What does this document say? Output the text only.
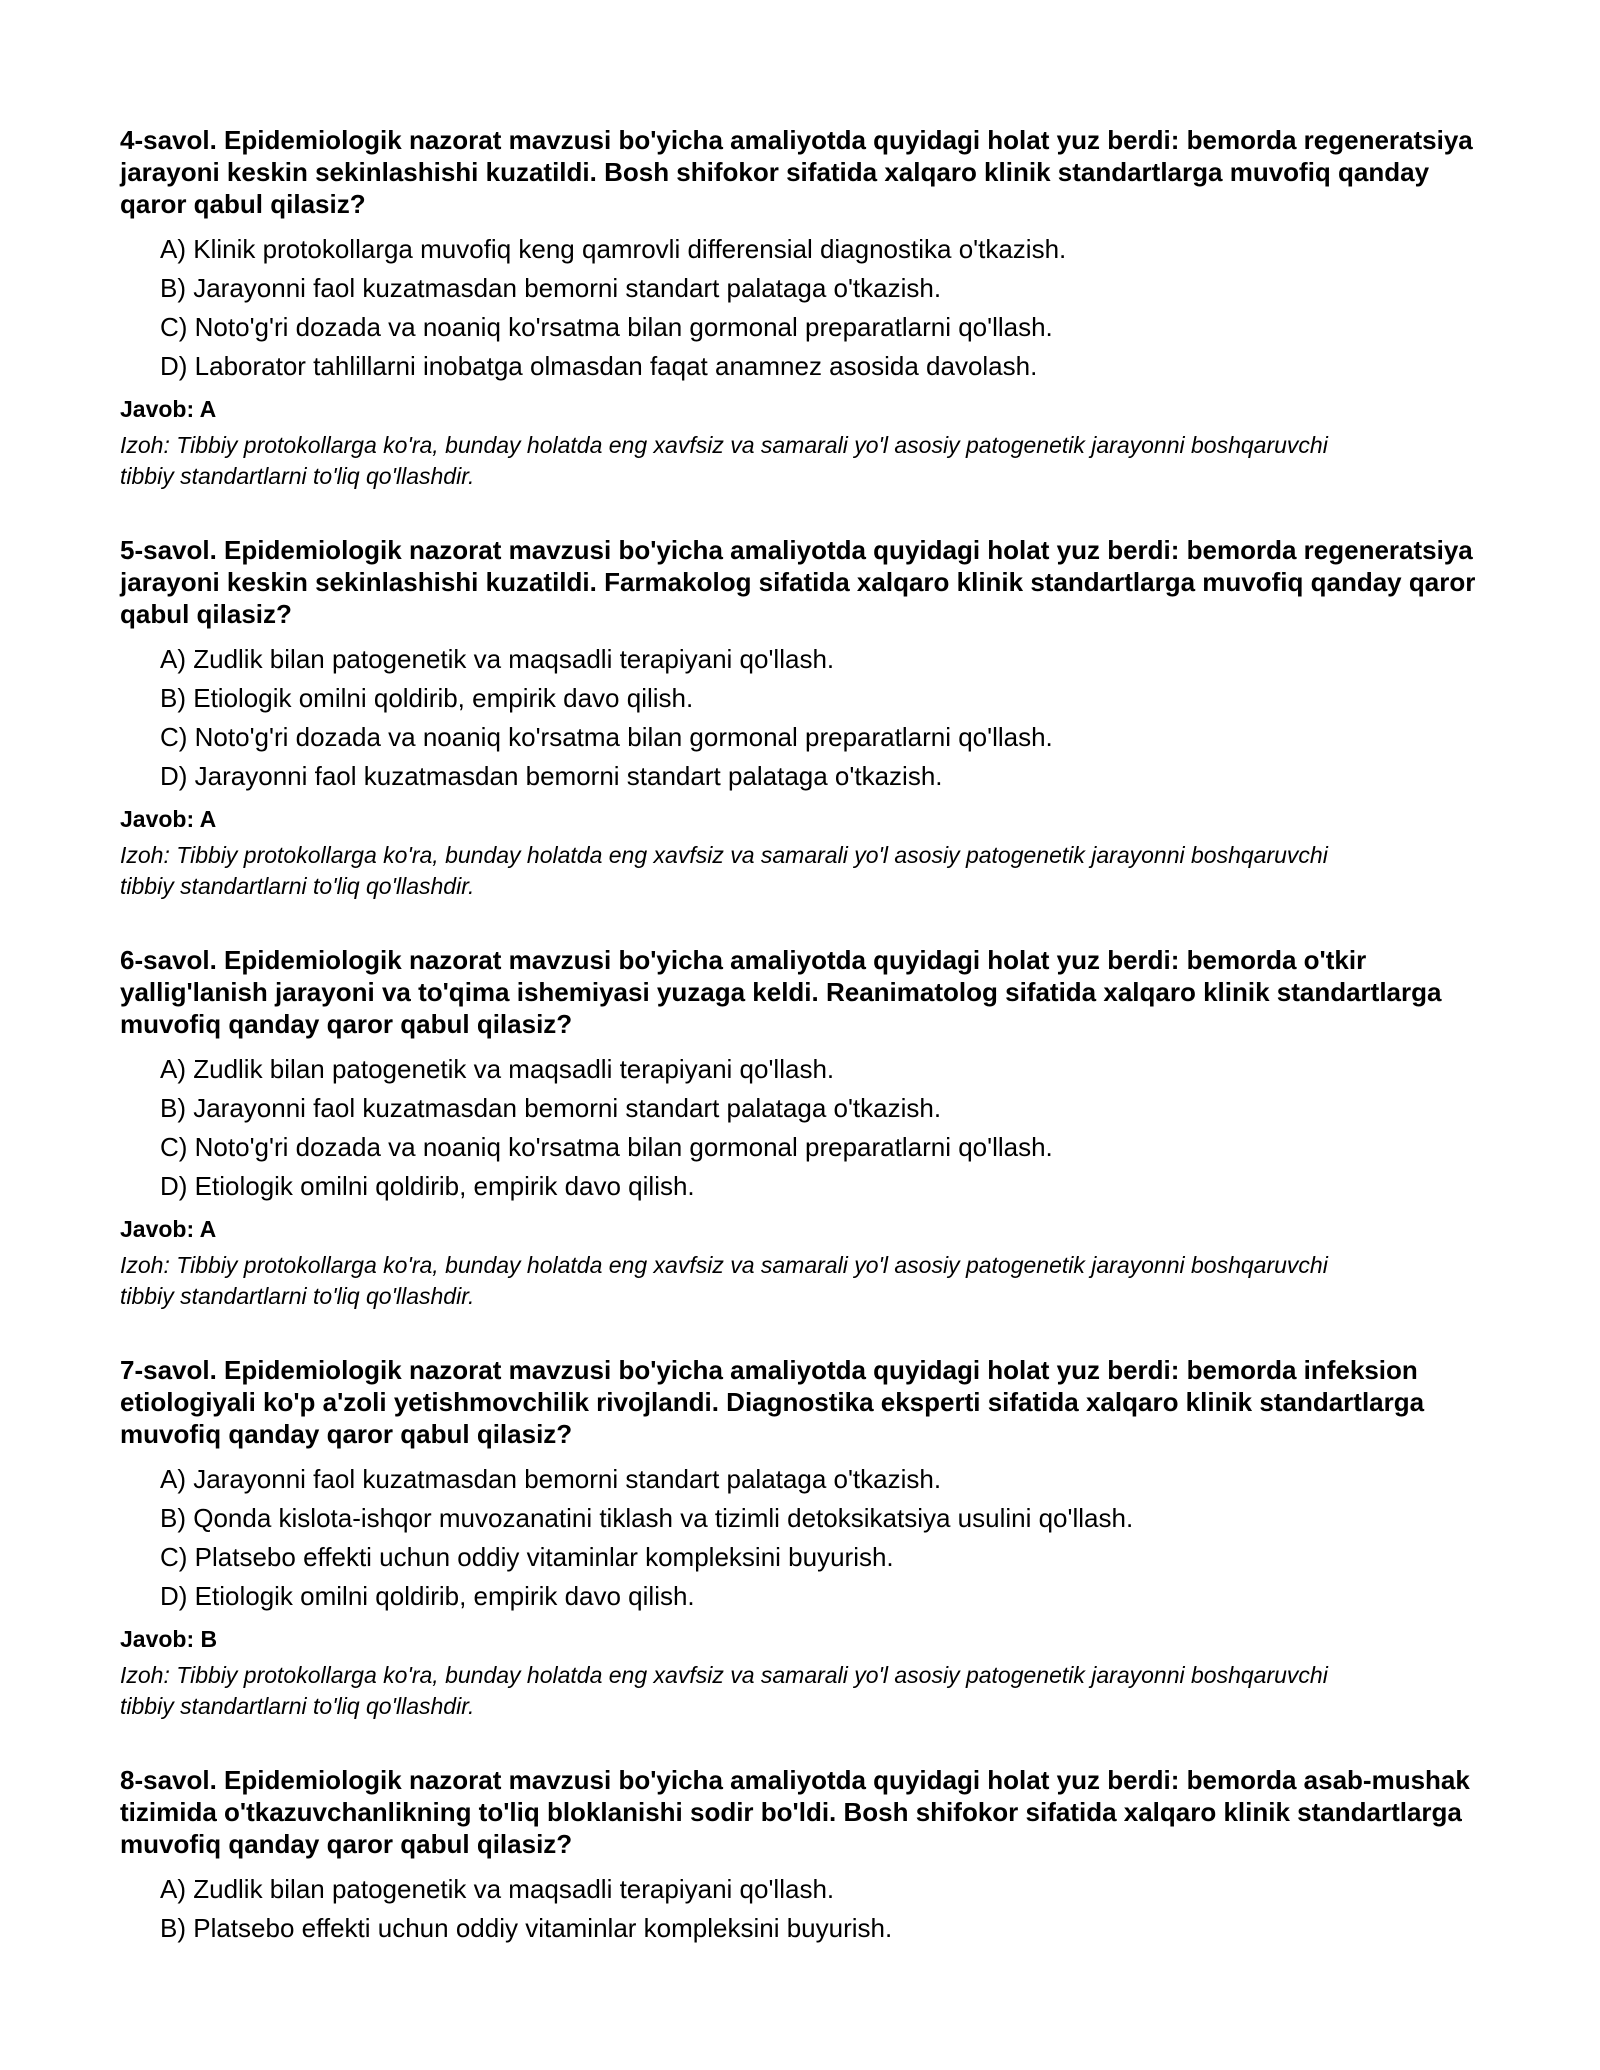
4-savol. Epidemiologik nazorat mavzusi bo'yicha amaliyotda quyidagi holat yuz berdi: bemorda regeneratsiya jarayoni keskin sekinlashishi kuzatildi. Bosh shifokor sifatida xalqaro klinik standartlarga muvofiq qanday qaror qabul qilasiz?
A) Klinik protokollarga muvofiq keng qamrovli differensial diagnostika o'tkazish.
B) Jarayonni faol kuzatmasdan bemorni standart palataga o'tkazish.
C) Noto'g'ri dozada va noaniq ko'rsatma bilan gormonal preparatlarni qo'llash.
D) Laborator tahlillarni inobatga olmasdan faqat anamnez asosida davolash.
Javob: A
Izoh: Tibbiy protokollarga ko'ra, bunday holatda eng xavfsiz va samarali yo'l asosiy patogenetik jarayonni boshqaruvchi tibbiy standartlarni to'liq qo'llashdir.
5-savol. Epidemiologik nazorat mavzusi bo'yicha amaliyotda quyidagi holat yuz berdi: bemorda regeneratsiya jarayoni keskin sekinlashishi kuzatildi. Farmakolog sifatida xalqaro klinik standartlarga muvofiq qanday qaror qabul qilasiz?
A) Zudlik bilan patogenetik va maqsadli terapiyani qo'llash.
B) Etiologik omilni qoldirib, empirik davo qilish.
C) Noto'g'ri dozada va noaniq ko'rsatma bilan gormonal preparatlarni qo'llash.
D) Jarayonni faol kuzatmasdan bemorni standart palataga o'tkazish.
Javob: A
Izoh: Tibbiy protokollarga ko'ra, bunday holatda eng xavfsiz va samarali yo'l asosiy patogenetik jarayonni boshqaruvchi tibbiy standartlarni to'liq qo'llashdir.
6-savol. Epidemiologik nazorat mavzusi bo'yicha amaliyotda quyidagi holat yuz berdi: bemorda o'tkir yallig'lanish jarayoni va to'qima ishemiyasi yuzaga keldi. Reanimatolog sifatida xalqaro klinik standartlarga muvofiq qanday qaror qabul qilasiz?
A) Zudlik bilan patogenetik va maqsadli terapiyani qo'llash.
B) Jarayonni faol kuzatmasdan bemorni standart palataga o'tkazish.
C) Noto'g'ri dozada va noaniq ko'rsatma bilan gormonal preparatlarni qo'llash.
D) Etiologik omilni qoldirib, empirik davo qilish.
Javob: A
Izoh: Tibbiy protokollarga ko'ra, bunday holatda eng xavfsiz va samarali yo'l asosiy patogenetik jarayonni boshqaruvchi tibbiy standartlarni to'liq qo'llashdir.
7-savol. Epidemiologik nazorat mavzusi bo'yicha amaliyotda quyidagi holat yuz berdi: bemorda infeksion etiologiyali ko'p a'zoli yetishmovchilik rivojlandi. Diagnostika eksperti sifatida xalqaro klinik standartlarga muvofiq qanday qaror qabul qilasiz?
A) Jarayonni faol kuzatmasdan bemorni standart palataga o'tkazish.
B) Qonda kislota-ishqor muvozanatini tiklash va tizimli detoksikatsiya usulini qo'llash.
C) Platsebo effekti uchun oddiy vitaminlar kompleksini buyurish.
D) Etiologik omilni qoldirib, empirik davo qilish.
Javob: B
Izoh: Tibbiy protokollarga ko'ra, bunday holatda eng xavfsiz va samarali yo'l asosiy patogenetik jarayonni boshqaruvchi tibbiy standartlarni to'liq qo'llashdir.
8-savol. Epidemiologik nazorat mavzusi bo'yicha amaliyotda quyidagi holat yuz berdi: bemorda asab-mushak tizimida o'tkazuvchanlikning to'liq bloklanishi sodir bo'ldi. Bosh shifokor sifatida xalqaro klinik standartlarga muvofiq qanday qaror qabul qilasiz?
A) Zudlik bilan patogenetik va maqsadli terapiyani qo'llash.
B) Platsebo effekti uchun oddiy vitaminlar kompleksini buyurish.
